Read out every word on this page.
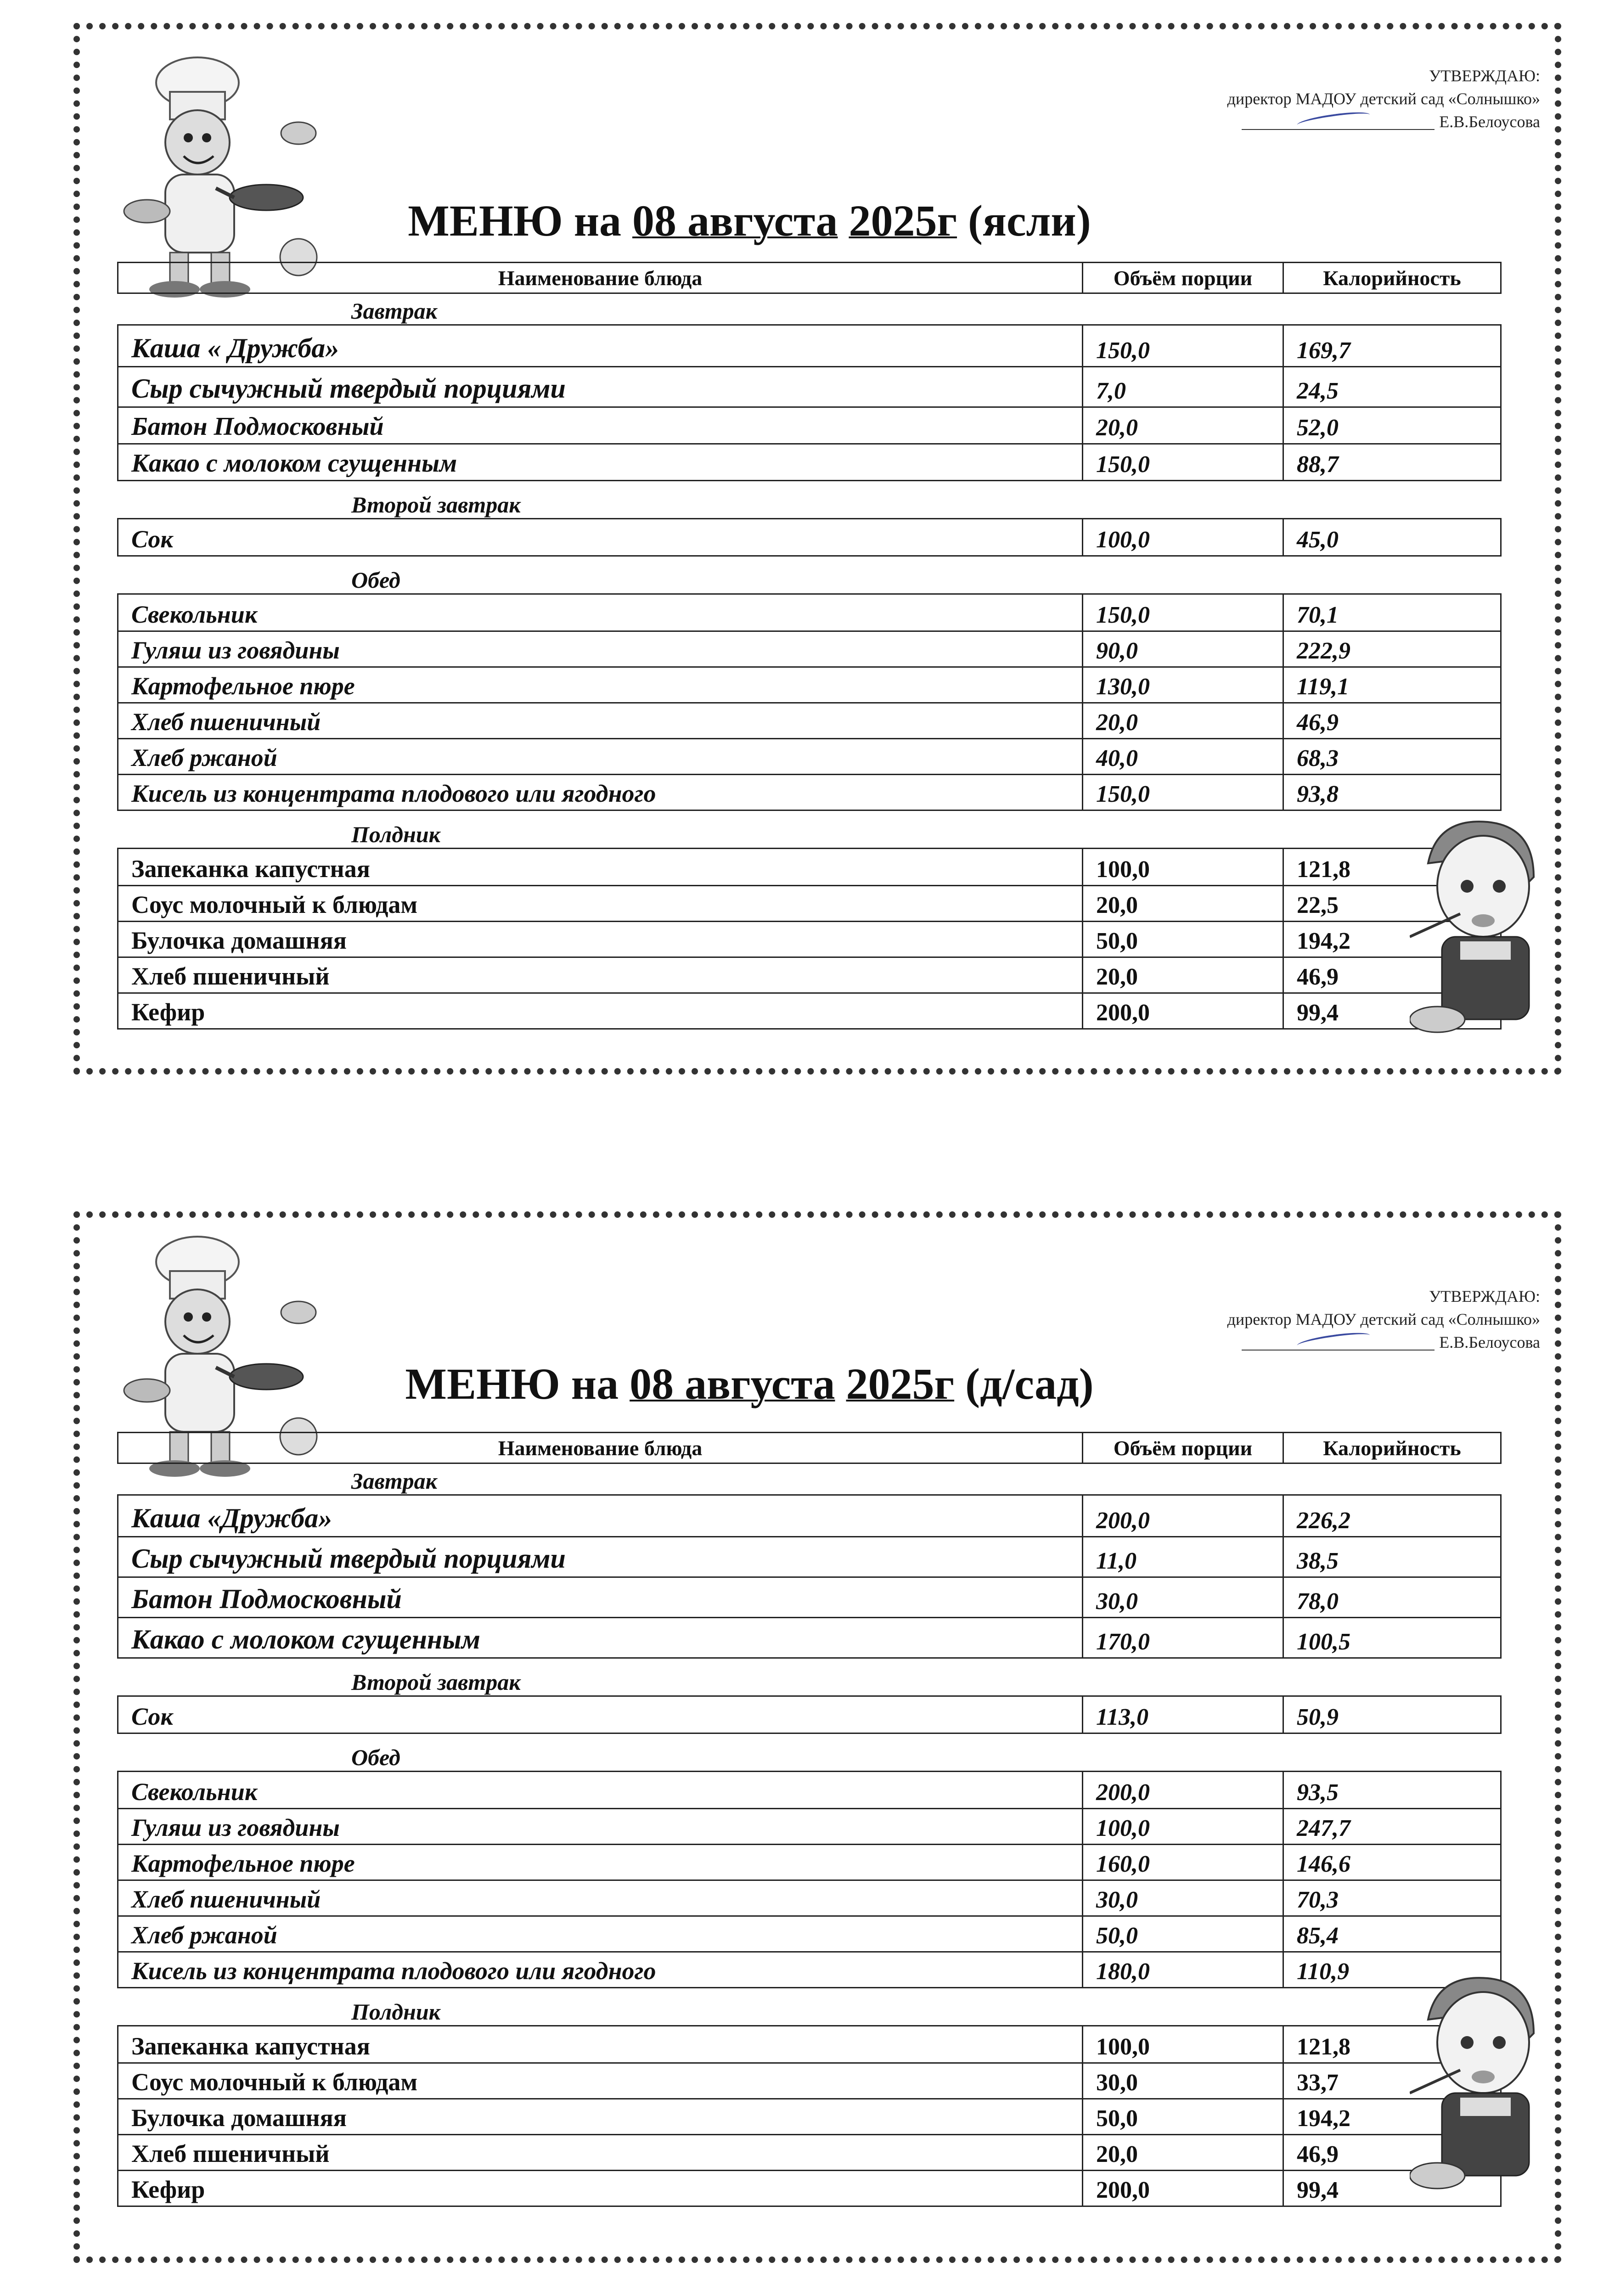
УТВЕРЖДАЮ:
директор МАДОУ детский сад «Солнышко»
Е.В.Белоусова
МЕНЮ на 08 августа 2025г (ясли)
Наименование блюда	Объём порции	Калорийность
Завтрак
Каша « Дружба»	150,0	169,7
Сыр сычужный твердый порциями	7,0	24,5
Батон Подмосковный	20,0	52,0
Какао с молоком сгущенным	150,0	88,7
Второй завтрак
Сок	100,0	45,0
Обед
Свекольник	150,0	70,1
Гуляш из говядины	90,0	222,9
Картофельное пюре	130,0	119,1
Хлеб пшеничный	20,0	46,9
Хлеб ржаной	40,0	68,3
Кисель из концентрата плодового или ягодного	150,0	93,8
Полдник
Запеканка капустная	100,0	121,8
Соус молочный к блюдам	20,0	22,5
Булочка домашняя	50,0	194,2
Хлеб пшеничный	20,0	46,9
Кефир	200,0	99,4
УТВЕРЖДАЮ:
директор МАДОУ детский сад «Солнышко»
Е.В.Белоусова
МЕНЮ на 08 августа 2025г (д/сад)
Наименование блюда	Объём порции	Калорийность
Завтрак
Каша «Дружба»	200,0	226,2
Сыр сычужный твердый порциями	11,0	38,5
Батон Подмосковный	30,0	78,0
Какао с молоком сгущенным	170,0	100,5
Второй завтрак
Сок	113,0	50,9
Обед
Свекольник	200,0	93,5
Гуляш из говядины	100,0	247,7
Картофельное пюре	160,0	146,6
Хлеб пшеничный	30,0	70,3
Хлеб ржаной	50,0	85,4
Кисель из концентрата плодового или ягодного	180,0	110,9
Полдник
Запеканка капустная	100,0	121,8
Соус молочный к блюдам	30,0	33,7
Булочка домашняя	50,0	194,2
Хлеб пшеничный	20,0	46,9
Кефир	200,0	99,4
